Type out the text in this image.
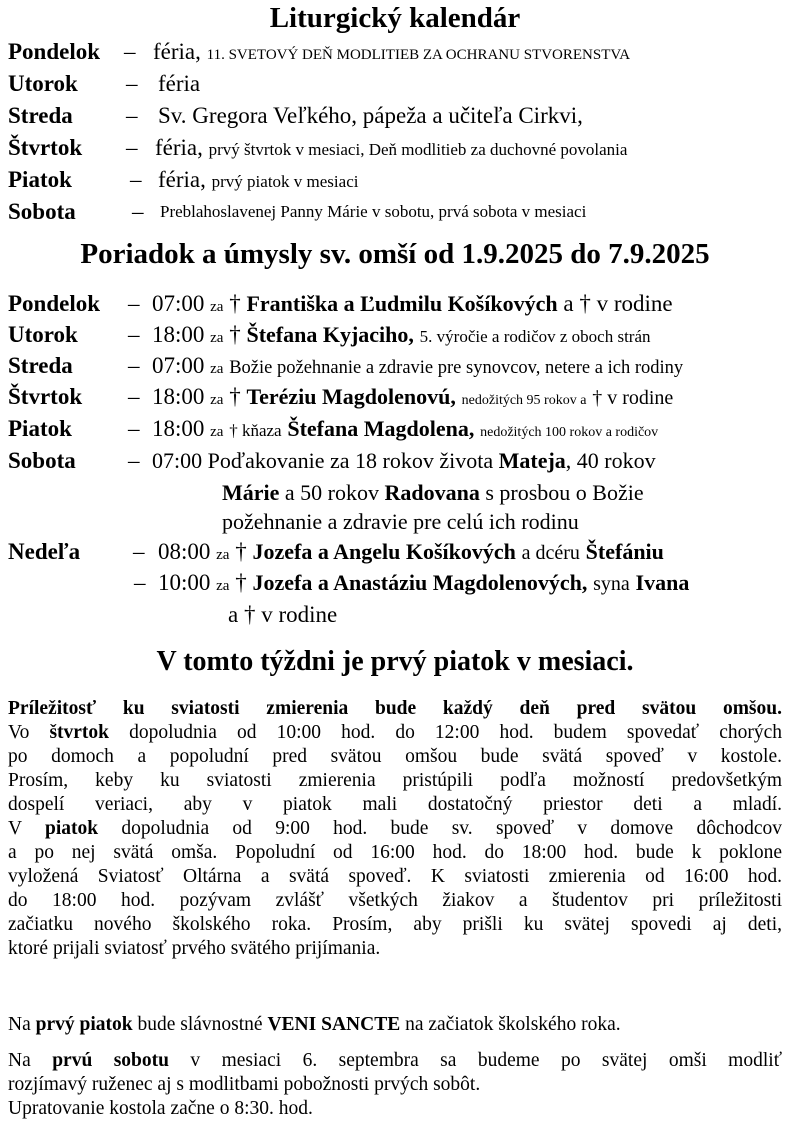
Liturgický kalendár
Pondelok – féria, 11. SVETOVÝ DEŇ MODLITIEB ZA OCHRANU STVORENSTVA
Utorok – féria
Streda – Sv. Gregora Veľkého, pápeža a učiteľa Cirkvi,
Štvrtok – féria, prvý štvrtok v mesiaci, Deň modlitieb za duchovné povolania
Piatok	– féria, prvý piatok v mesiaci
Sobota – Preblahoslavenej Panny Márie v sobotu, prvá sobota v mesiaci
Poriadok a úmysly sv. omší od 1.9.2025 do 7.9.2025
Pondelok – 07:00 za † Františka a Ľudmilu Košíkových a † v rodine
Utorok – 18:00 za † Štefana Kyjaciho, 5. výročie a rodičov z oboch strán
Streda – 07:00 za Božie požehnanie a zdravie pre synovcov, netere a ich rodiny
Štvrtok – 18:00 za † Teréziu Magdolenovú, nedožitých 95 rokov a † v rodine
Piatok – 18:00 za † kňaza Štefana Magdolena, nedožitých 100 rokov a rodičov
Sobota – 07:00 Poďakovanie za 18 rokov života Mateja, 40 rokov
Márie a 50 rokov Radovana s prosbou o Božie
požehnanie a zdravie pre celú ich rodinu
Nedeľa – 08:00 za † Jozefa a Angelu Košíkových a dcéru Štefániu
– 10:00 za † Jozefa a Anastáziu Magdolenových, syna Ivana
a † v rodine
V tomto týždni je prvý piatok v mesiaci.
Príležitosť ku sviatosti zmierenia bude každý deň pred svätou omšou.
Vo štvrtok dopoludnia od 10:00 hod. do 12:00 hod. budem spovedať chorých
po domoch a popoludní pred svätou omšou bude svätá spoveď v kostole.
Prosím, keby ku sviatosti zmierenia pristúpili podľa možností predovšetkým
dospelí veriaci, aby v piatok mali dostatočný priestor deti a mladí.
V piatok dopoludnia od 9:00 hod. bude sv. spoveď v domove dôchodcov
a po nej svätá omša. Popoludní od 16:00 hod. do 18:00 hod. bude k poklone
vyložená Sviatosť Oltárna a svätá spoveď. K sviatosti zmierenia od 16:00 hod.
do 18:00 hod. pozývam zvlášť všetkých žiakov a študentov pri príležitosti
začiatku nového školského roka. Prosím, aby prišli ku svätej spovedi aj deti,
ktoré prijali sviatosť prvého svätého prijímania.
Na prvý piatok bude slávnostné VENI SANCTE na začiatok školského roka.
Na prvú sobotu v mesiaci 6. septembra sa budeme po svätej omši modliť
rozjímavý ruženec aj s modlitbami pobožnosti prvých sobôt.
Upratovanie kostola začne o 8:30. hod.
